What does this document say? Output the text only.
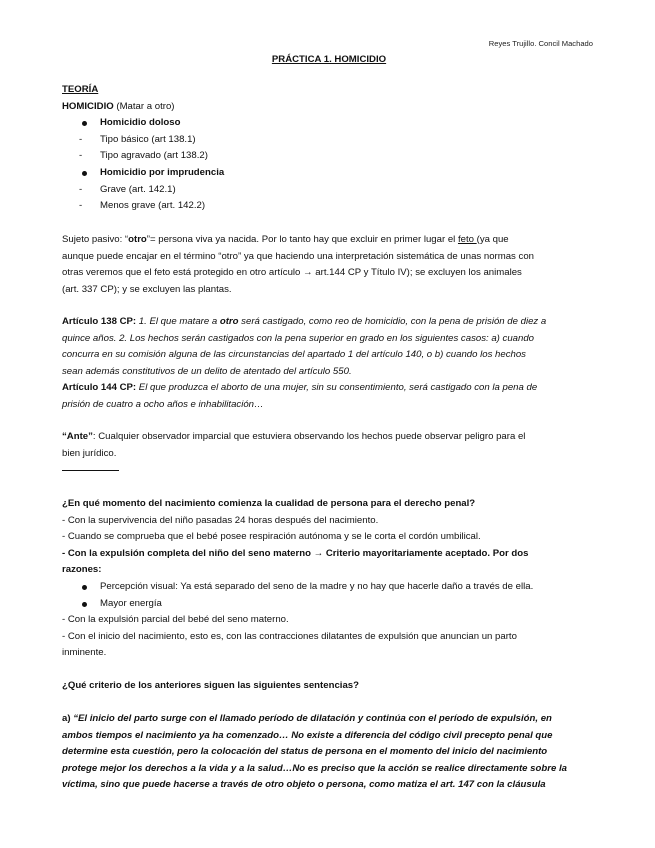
Reyes Trujillo. Concil Machado
PRÁCTICA 1. HOMICIDIO
TEORÍA
HOMICIDIO (Matar a otro)
Homicidio doloso
- Tipo básico (art 138.1)
- Tipo agravado (art 138.2)
Homicidio por imprudencia
- Grave (art. 142.1)
- Menos grave (art. 142.2)
Sujeto pasivo: “otro”= persona viva ya nacida. Por lo tanto hay que excluir en primer lugar el feto (ya que
aunque puede encajar en el término “otro” ya que haciendo una interpretación sistemática de unas normas con
otras veremos que el feto está protegido en otro artículo → art.144 CP y Título IV); se excluyen los animales
(art. 337 CP); y se excluyen las plantas.
Artículo 138 CP: 1. El que matare a otro será castigado, como reo de homicidio, con la pena de prisión de diez a
quince años. 2. Los hechos serán castigados con la pena superior en grado en los siguientes casos: a) cuando
concurra en su comisión alguna de las circunstancias del apartado 1 del artículo 140, o b) cuando los hechos
sean además constitutivos de un delito de atentado del artículo 550.
Artículo 144 CP: El que produzca el aborto de una mujer, sin su consentimiento, será castigado con la pena de
prisión de cuatro a ocho años e inhabilitación…
“Ante”: Cualquier observador imparcial que estuviera observando los hechos puede observar peligro para el
bien jurídico.
¿En qué momento del nacimiento comienza la cualidad de persona para el derecho penal?
- Con la supervivencia del niño pasadas 24 horas después del nacimiento.
- Cuando se comprueba que el bebé posee respiración autónoma y se le corta el cordón umbilical.
- Con la expulsión completa del niño del seno materno → Criterio mayoritariamente aceptado. Por dos
razones:
Percepción visual: Ya está separado del seno de la madre y no hay que hacerle daño a través de ella.
Mayor energía
- Con la expulsión parcial del bebé del seno materno.
- Con el inicio del nacimiento, esto es, con las contracciones dilatantes de expulsión que anuncian un parto
inminente.
¿Qué criterio de los anteriores siguen las siguientes sentencias?
a) “El inicio del parto surge con el llamado período de dilatación y continúa con el período de expulsión, en
ambos tiempos el nacimiento ya ha comenzado… No existe a diferencia del código civil precepto penal que
determine esta cuestión, pero la colocación del status de persona en el momento del inicio del nacimiento
protege mejor los derechos a la vida y a la salud…No es preciso que la acción se realice directamente sobre la
víctima, sino que puede hacerse a través de otro objeto o persona, como matiza el art. 147 con la cláusula
